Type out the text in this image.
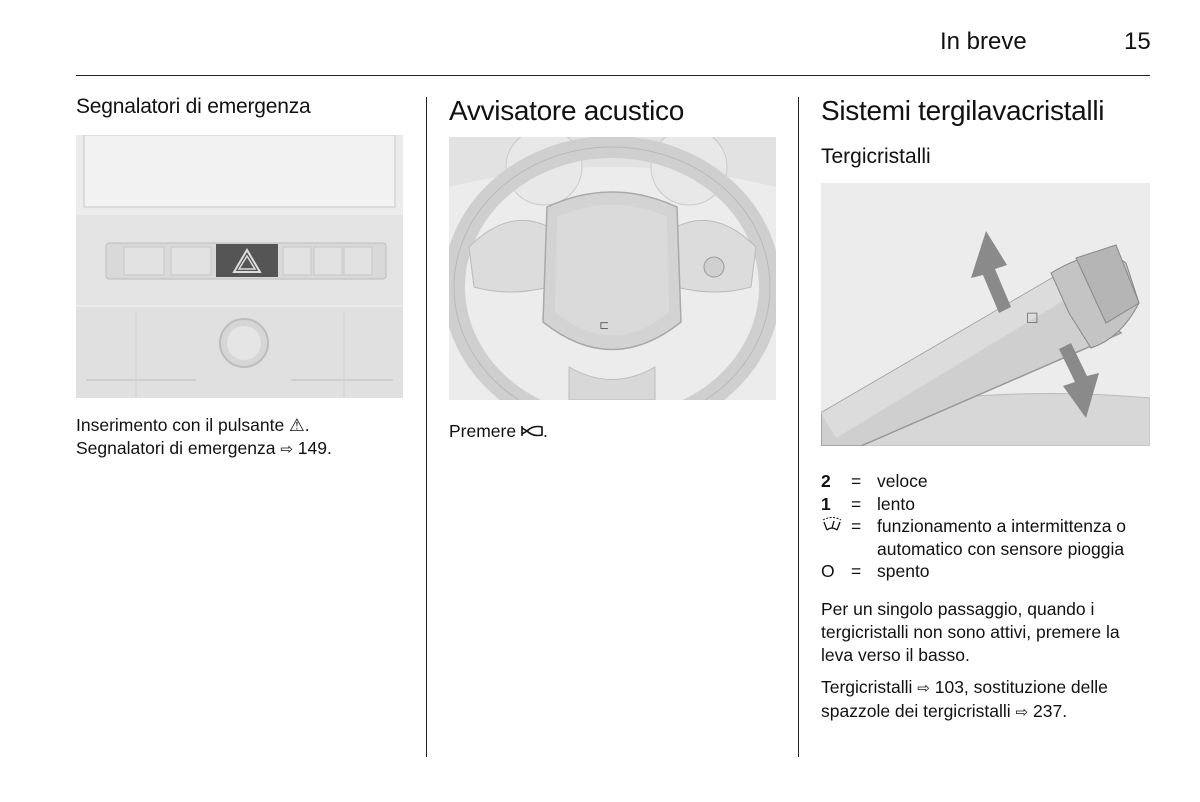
In breve	15
Segnalatori di emergenza
Inserimento con il pulsante ⚠.
Segnalatori di emergenza ⇨ 149.
Avvisatore acustico
⊏
Premere .
Sistemi tergilavacristalli
Tergicristalli
☐
2	= veloce
1	= lento
= funzionamento a intermittenza o automatico con sensore pioggia
O = spento
Per un singolo passaggio, quando i tergicristalli non sono attivi, premere la leva verso il basso.
Tergicristalli ⇨ 103, sostituzione delle spazzole dei tergicristalli ⇨ 237.
